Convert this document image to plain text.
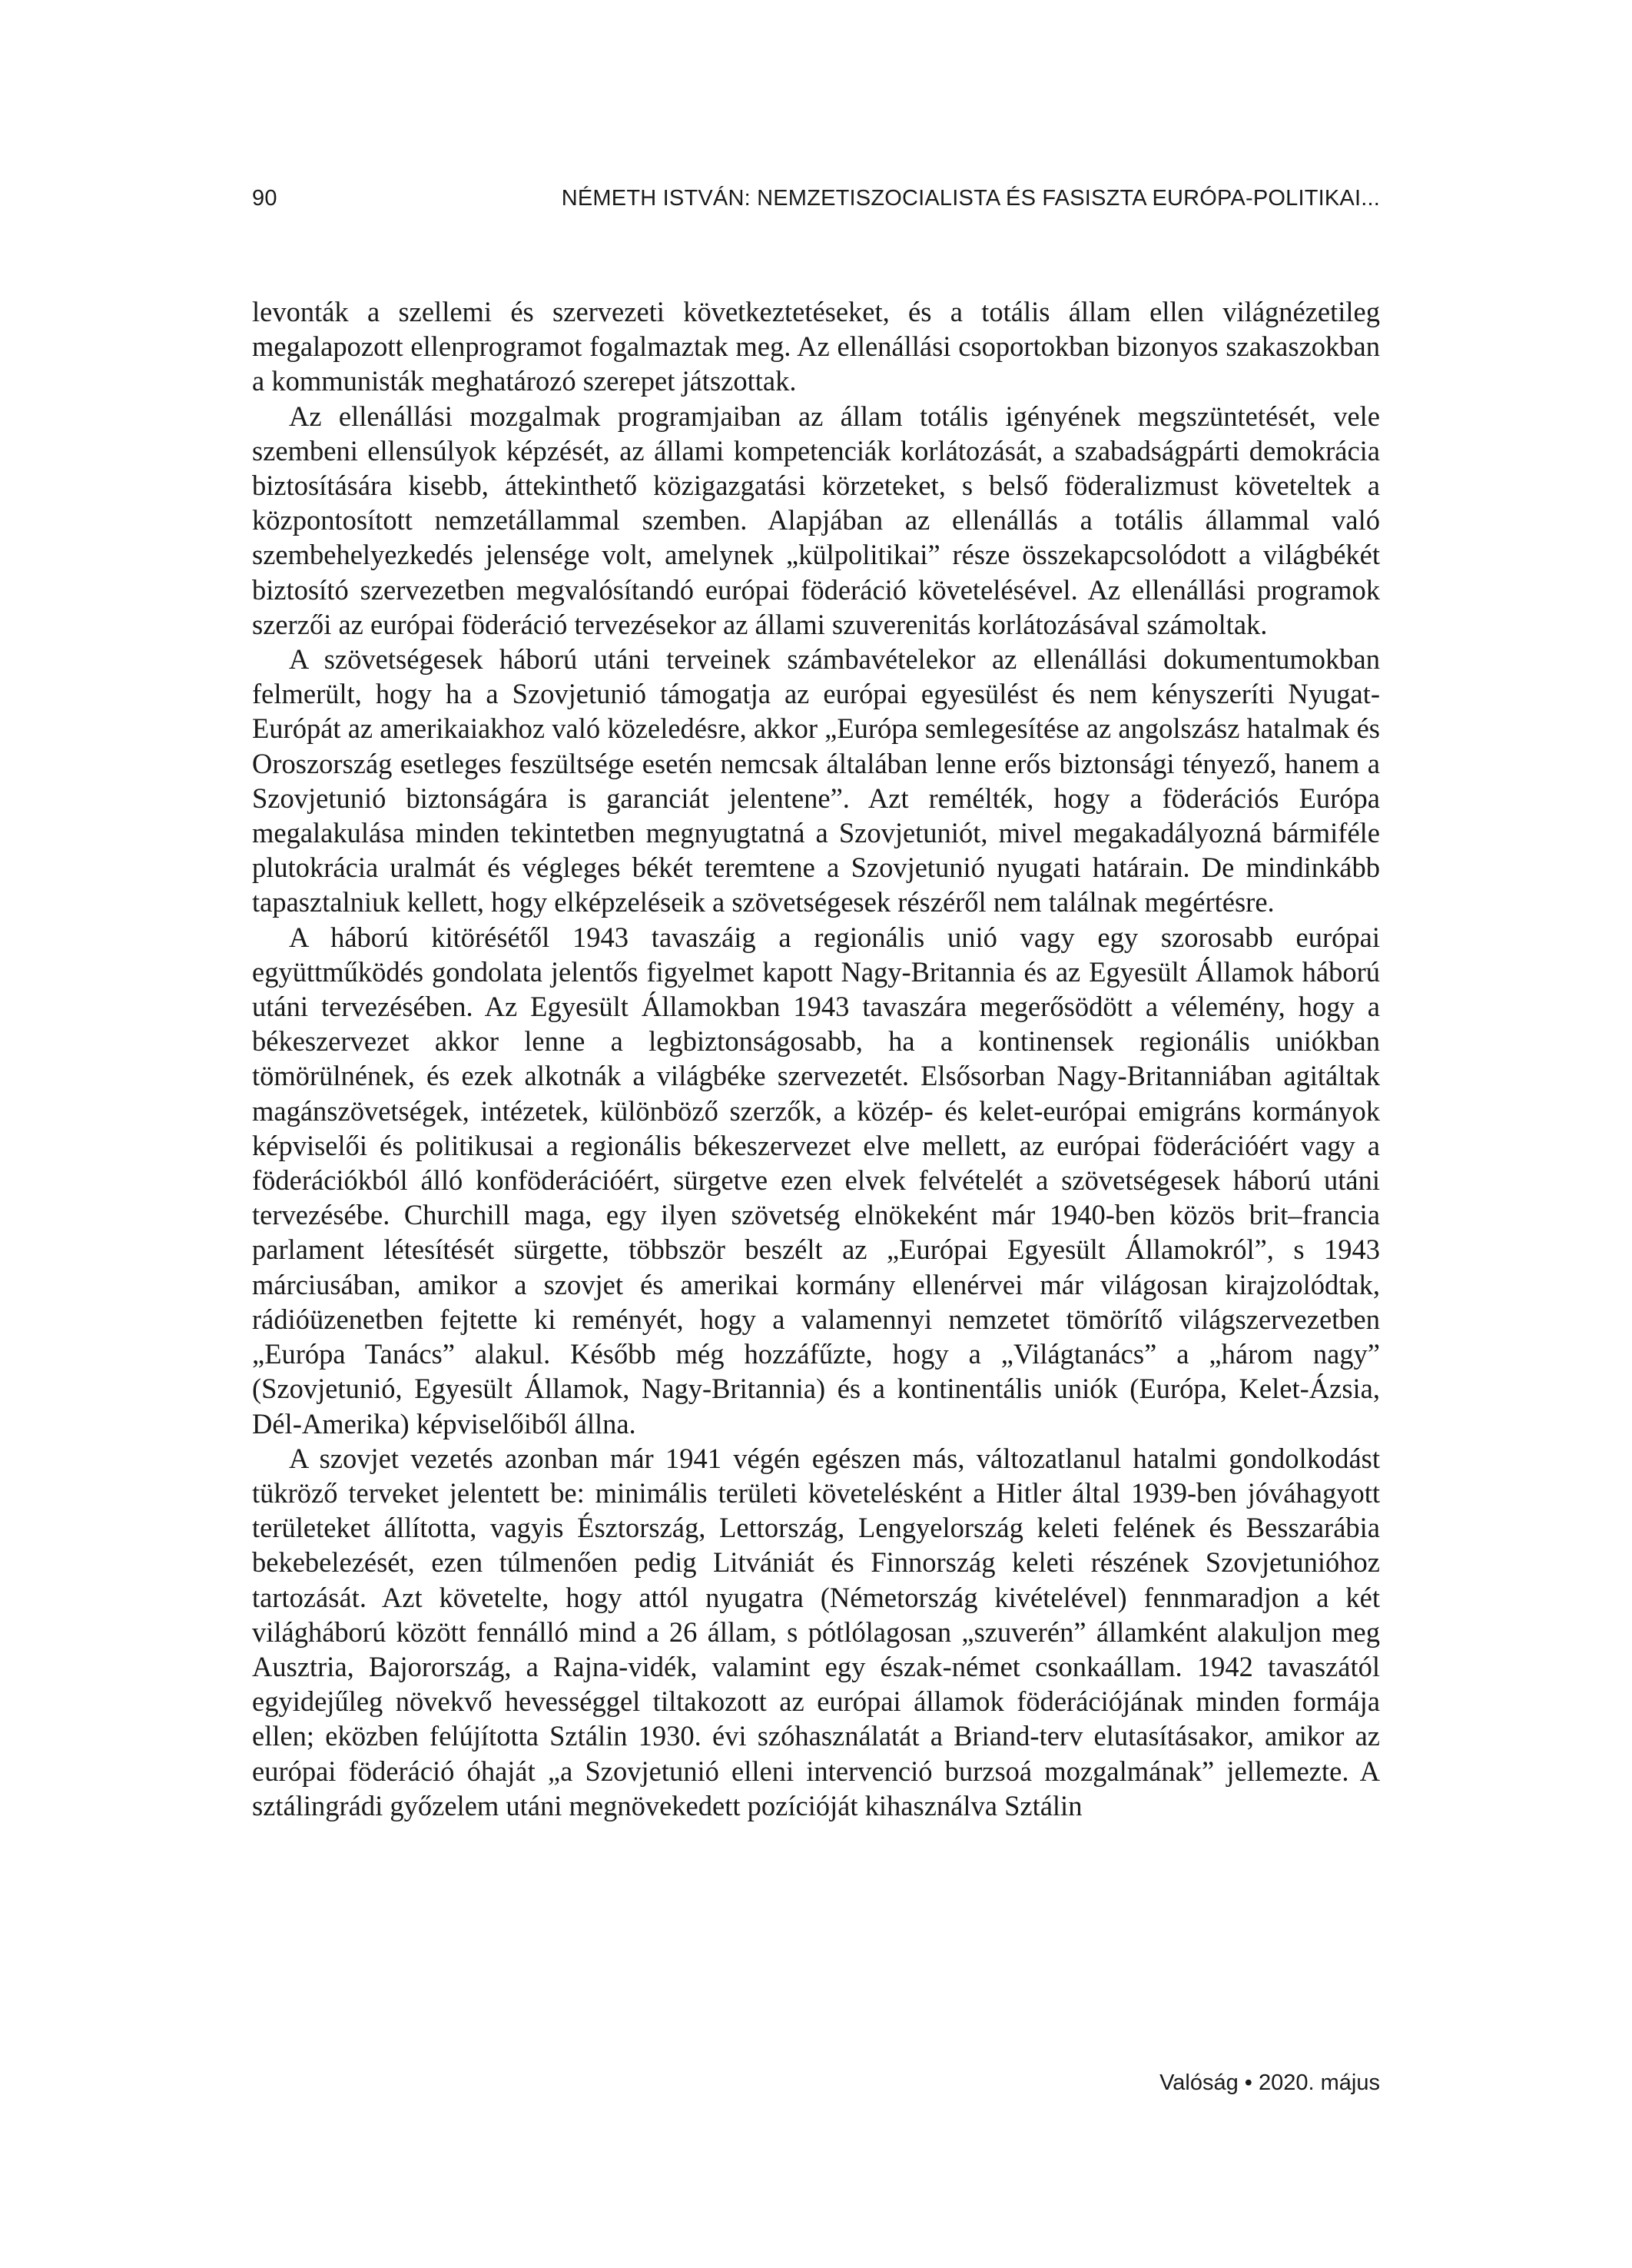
90	NÉMETH ISTVÁN: NEMZETISZOCIALISTA ÉS FASISZTA EURÓPA-POLITIKAI...

levonták a szellemi és szervezeti következtetéseket, és a totális állam ellen világnézetileg megalapozott ellenprogramot fogalmaztak meg. Az ellenállási csoportokban bizonyos szakaszokban a kommunisták meghatározó szerepet játszottak.

Az ellenállási mozgalmak programjaiban az állam totális igényének megszüntetését, vele szembeni ellensúlyok képzését, az állami kompetenciák korlátozását, a szabadságpárti demokrácia biztosítására kisebb, áttekinthető közigazgatási körzeteket, s belső föderalizmust követeltek a központosított nemzetállammal szemben. Alapjában az ellenállás a totális állammal való szembehelyezkedés jelensége volt, amelynek „külpolitikai” része összekapcsolódott a világbékét biztosító szervezetben megvalósítandó európai föderáció követelésével. Az ellenállási programok szerzői az európai föderáció tervezésekor az állami szuverenitás korlátozásával számoltak.

A szövetségesek háború utáni terveinek számbavételekor az ellenállási dokumentumokban felmerült, hogy ha a Szovjetunió támogatja az európai egyesülést és nem kényszeríti Nyugat-Európát az amerikaiakhoz való közeledésre, akkor „Európa semlegesítése az angolszász hatalmak és Oroszország esetleges feszültsége esetén nemcsak általában lenne erős biztonsági tényező, hanem a Szovjetunió biztonságára is garanciát jelentene”. Azt remélték, hogy a föderációs Európa megalakulása minden tekintetben megnyugtatná a Szovjetuniót, mivel megakadályozná bármiféle plutokrácia uralmát és végleges békét teremtene a Szovjetunió nyugati határain. De mindinkább tapasztalniuk kellett, hogy elképzeléseik a szövetségesek részéről nem találnak megértésre.

A háború kitörésétől 1943 tavaszáig a regionális unió vagy egy szorosabb európai együttműködés gondolata jelentős figyelmet kapott Nagy-Britannia és az Egyesült Államok háború utáni tervezésében. Az Egyesült Államokban 1943 tavaszára megerősödött a vélemény, hogy a békeszervezet akkor lenne a legbiztonságosabb, ha a kontinensek regionális uniókban tömörülnének, és ezek alkotnák a világbéke szervezetét. Elsősorban Nagy-Britanniában agitáltak magánszövetségek, intézetek, különböző szerzők, a közép- és kelet-európai emigráns kormányok képviselői és politikusai a regionális békeszervezet elve mellett, az európai föderációért vagy a föderációkból álló konföderációért, sürgetve ezen elvek felvételét a szövetségesek háború utáni tervezésébe. Churchill maga, egy ilyen szövetség elnökeként már 1940-ben közös brit–francia parlament létesítését sürgette, többször beszélt az „Európai Egyesült Államokról”, s 1943 márciusában, amikor a szovjet és amerikai kormány ellenérvei már világosan kirajzolódtak, rádióüzenetben fejtette ki reményét, hogy a valamennyi nemzetet tömörítő világszervezetben „Európa Tanács” alakul. Később még hozzáfűzte, hogy a „Világtanács” a „három nagy” (Szovjetunió, Egyesült Államok, Nagy-Britannia) és a kontinentális uniók (Európa, Kelet-Ázsia, Dél-Amerika) képviselőiből állna.

A szovjet vezetés azonban már 1941 végén egészen más, változatlanul hatalmi gondolkodást tükröző terveket jelentett be: minimális területi követelésként a Hitler által 1939-ben jóváhagyott területeket állította, vagyis Észtország, Lettország, Lengyelország keleti felének és Besszarábia bekebelezését, ezen túlmenően pedig Litvániát és Finnország keleti részének Szovjetunióhoz tartozását. Azt követelte, hogy attól nyugatra (Németország kivételével) fennmaradjon a két világháború között fennálló mind a 26 állam, s pótlólagosan „szuverén” államként alakuljon meg Ausztria, Bajorország, a Rajna-vidék, valamint egy észak-német csonkaállam. 1942 tavaszától egyidejűleg növekvő hevességgel tiltakozott az európai államok föderációjának minden formája ellen; eközben felújította Sztálin 1930. évi szóhasználatát a Briand-terv elutasításakor, amikor az európai föderáció óhaját „a Szovjetunió elleni intervenció burzsoá mozgalmának” jellemezte. A sztálingrádi győzelem utáni megnövekedett pozícióját kihasználva Sztálin

Valóság • 2020. május
